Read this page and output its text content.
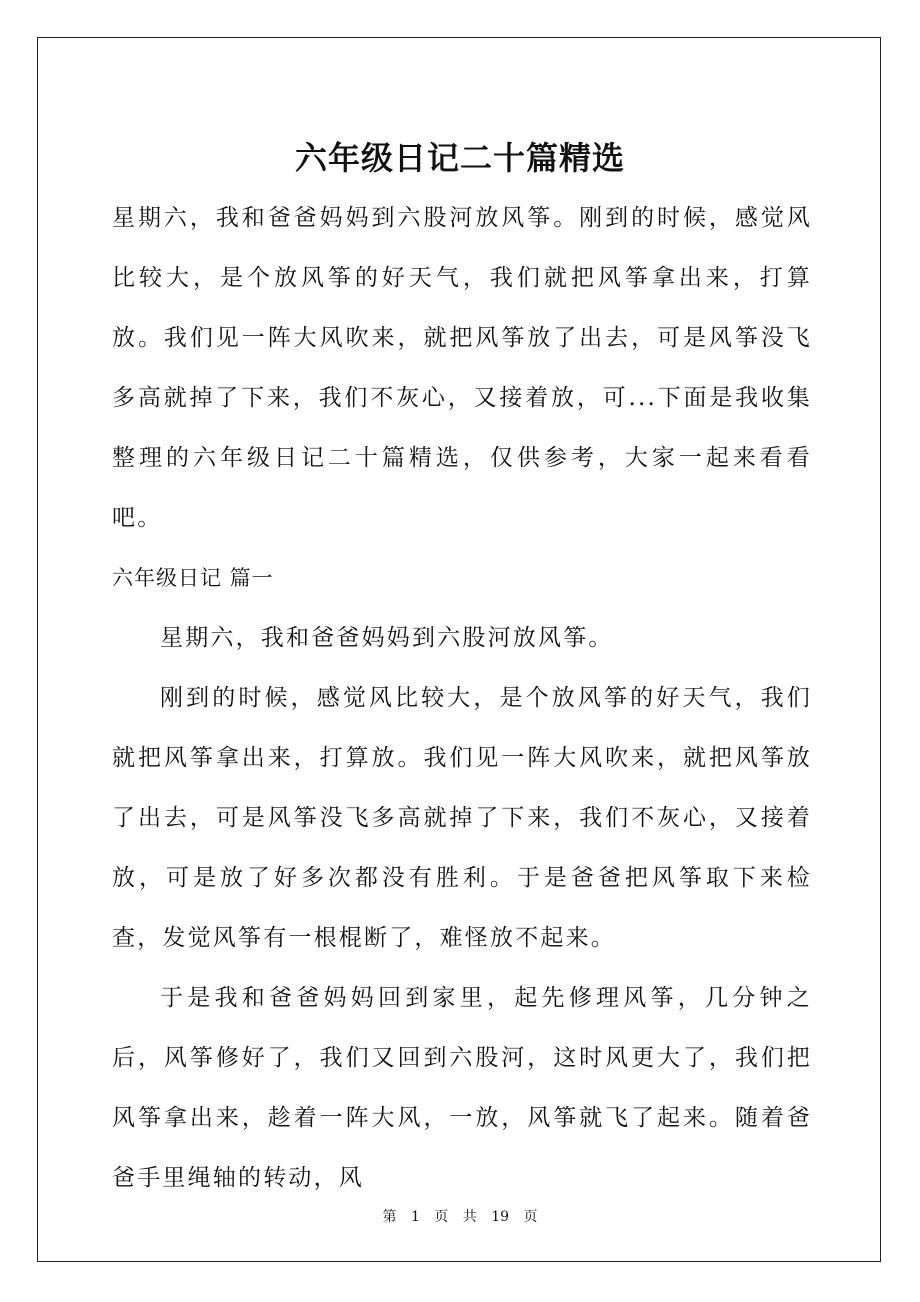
六年级日记二十篇精选

星期六，我和爸爸妈妈到六股河放风筝。刚到的时候，感觉风比较大，是个放风筝的好天气，我们就把风筝拿出来，打算放。我们见一阵大风吹来，就把风筝放了出去，可是风筝没飞多高就掉了下来，我们不灰心，又接着放，可...下面是我收集整理的六年级日记二十篇精选，仅供参考，大家一起来看看吧。

六年级日记 篇一

星期六，我和爸爸妈妈到六股河放风筝。

刚到的时候，感觉风比较大，是个放风筝的好天气，我们就把风筝拿出来，打算放。我们见一阵大风吹来，就把风筝放了出去，可是风筝没飞多高就掉了下来，我们不灰心，又接着放，可是放了好多次都没有胜利。于是爸爸把风筝取下来检查，发觉风筝有一根棍断了，难怪放不起来。

于是我和爸爸妈妈回到家里，起先修理风筝，几分钟之后，风筝修好了，我们又回到六股河，这时风更大了，我们把风筝拿出来，趁着一阵大风，一放，风筝就飞了起来。随着爸爸手里绳轴的转动，风

第 1 页 共 19 页
